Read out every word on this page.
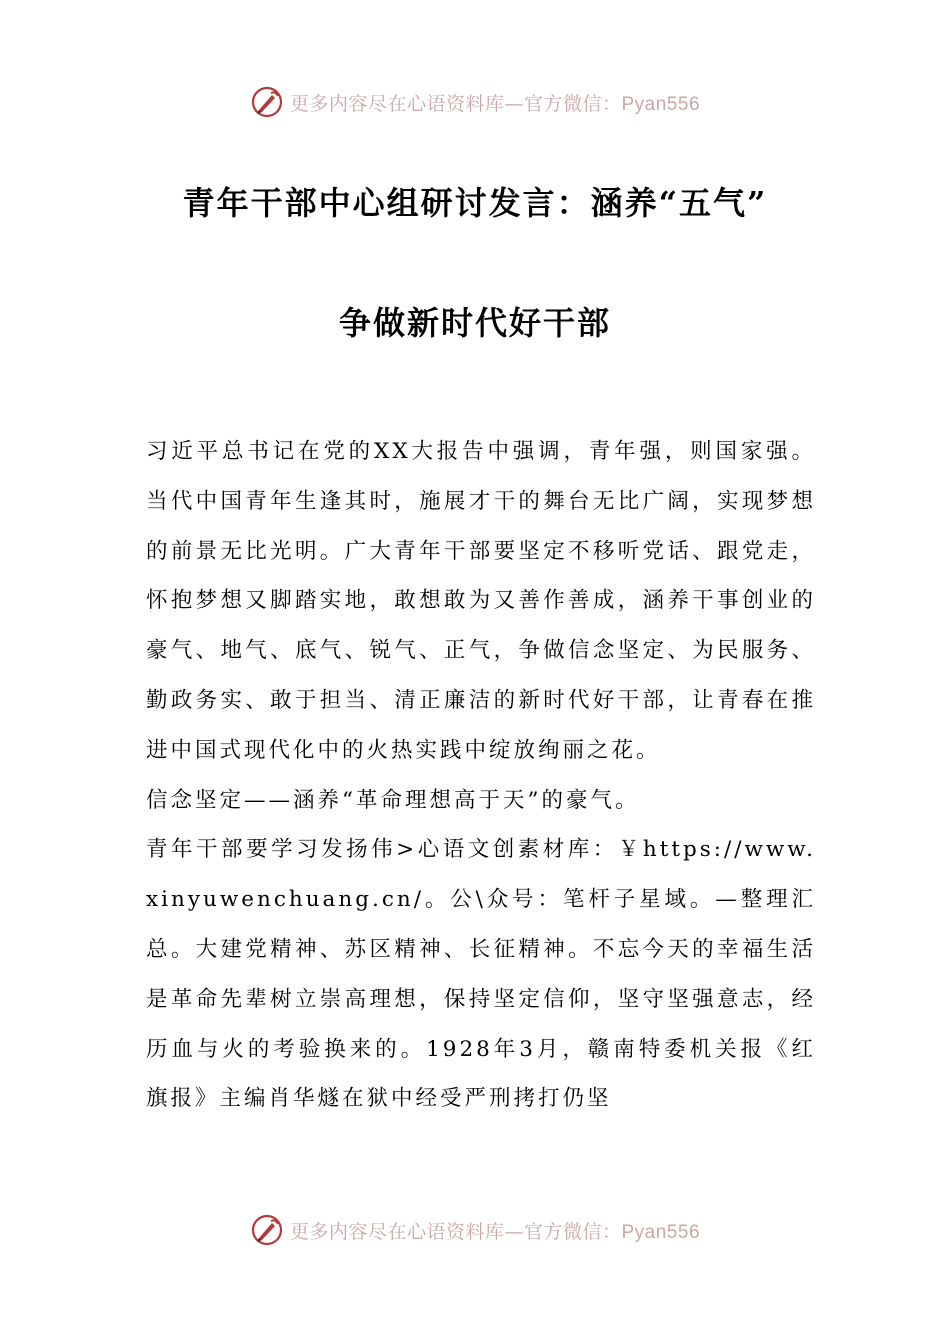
更多内容尽在心语资料库—官方微信：Pyan556
青年干部中心组研讨发言：涵养“五气”
争做新时代好干部

习近平总书记在党的XX大报告中强调，青年强，则国家强。当代中国青年生逢其时，施展才干的舞台无比广阔，实现梦想的前景无比光明。广大青年干部要坚定不移听党话、跟党走，怀抱梦想又脚踏实地，敢想敢为又善作善成，涵养干事创业的豪气、地气、底气、锐气、正气，争做信念坚定、为民服务、勤政务实、敢于担当、清正廉洁的新时代好干部，让青春在推进中国式现代化中的火热实践中绽放绚丽之花。

信念坚定——涵养“革命理想高于天”的豪气。

青年干部要学习发扬伟>心语文创素材库：￥https://www.xinyuwenchuang.cn/。公\众号：笔杆子星域。—整理汇总。大建党精神、苏区精神、长征精神。不忘今天的幸福生活是革命先辈树立崇高理想，保持坚定信仰，坚守坚强意志，经历血与火的考验换来的。1928年3月，赣南特委机关报《红旗报》主编肖华燧在狱中经受严刑拷打仍坚

更多内容尽在心语资料库—官方微信：Pyan556
